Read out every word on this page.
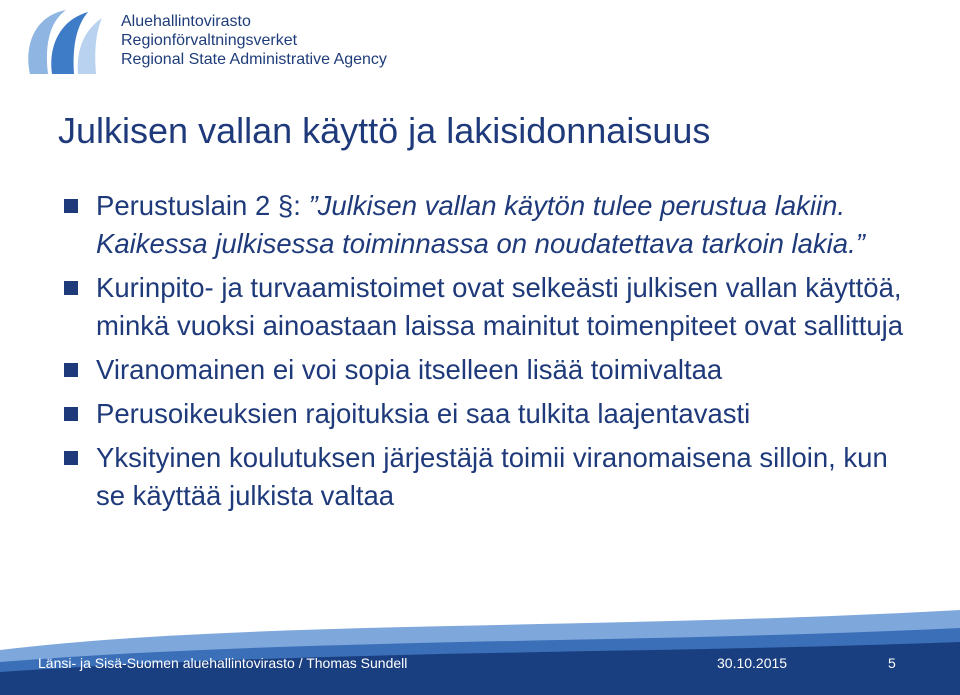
Aluehallintovirasto
Regionförvaltningsverket
Regional State Administrative Agency
Julkisen vallan käyttö ja lakisidonnaisuus
Perustuslain 2 §: ”Julkisen vallan käytön tulee perustua lakiin. Kaikessa julkisessa toiminnassa on noudatettava tarkoin lakia.”
Kurinpito- ja turvaamistoimet ovat selkeästi julkisen vallan käyttöä, minkä vuoksi ainoastaan laissa mainitut toimenpiteet ovat sallittuja
Viranomainen ei voi sopia itselleen lisää toimivaltaa
Perusoikeuksien rajoituksia ei saa tulkita laajentavasti
Yksityinen koulutuksen järjestäjä toimii viranomaisena silloin, kun se käyttää julkista valtaa
Länsi- ja Sisä-Suomen aluehallintovirasto / Thomas Sundell	30.10.2015	5
